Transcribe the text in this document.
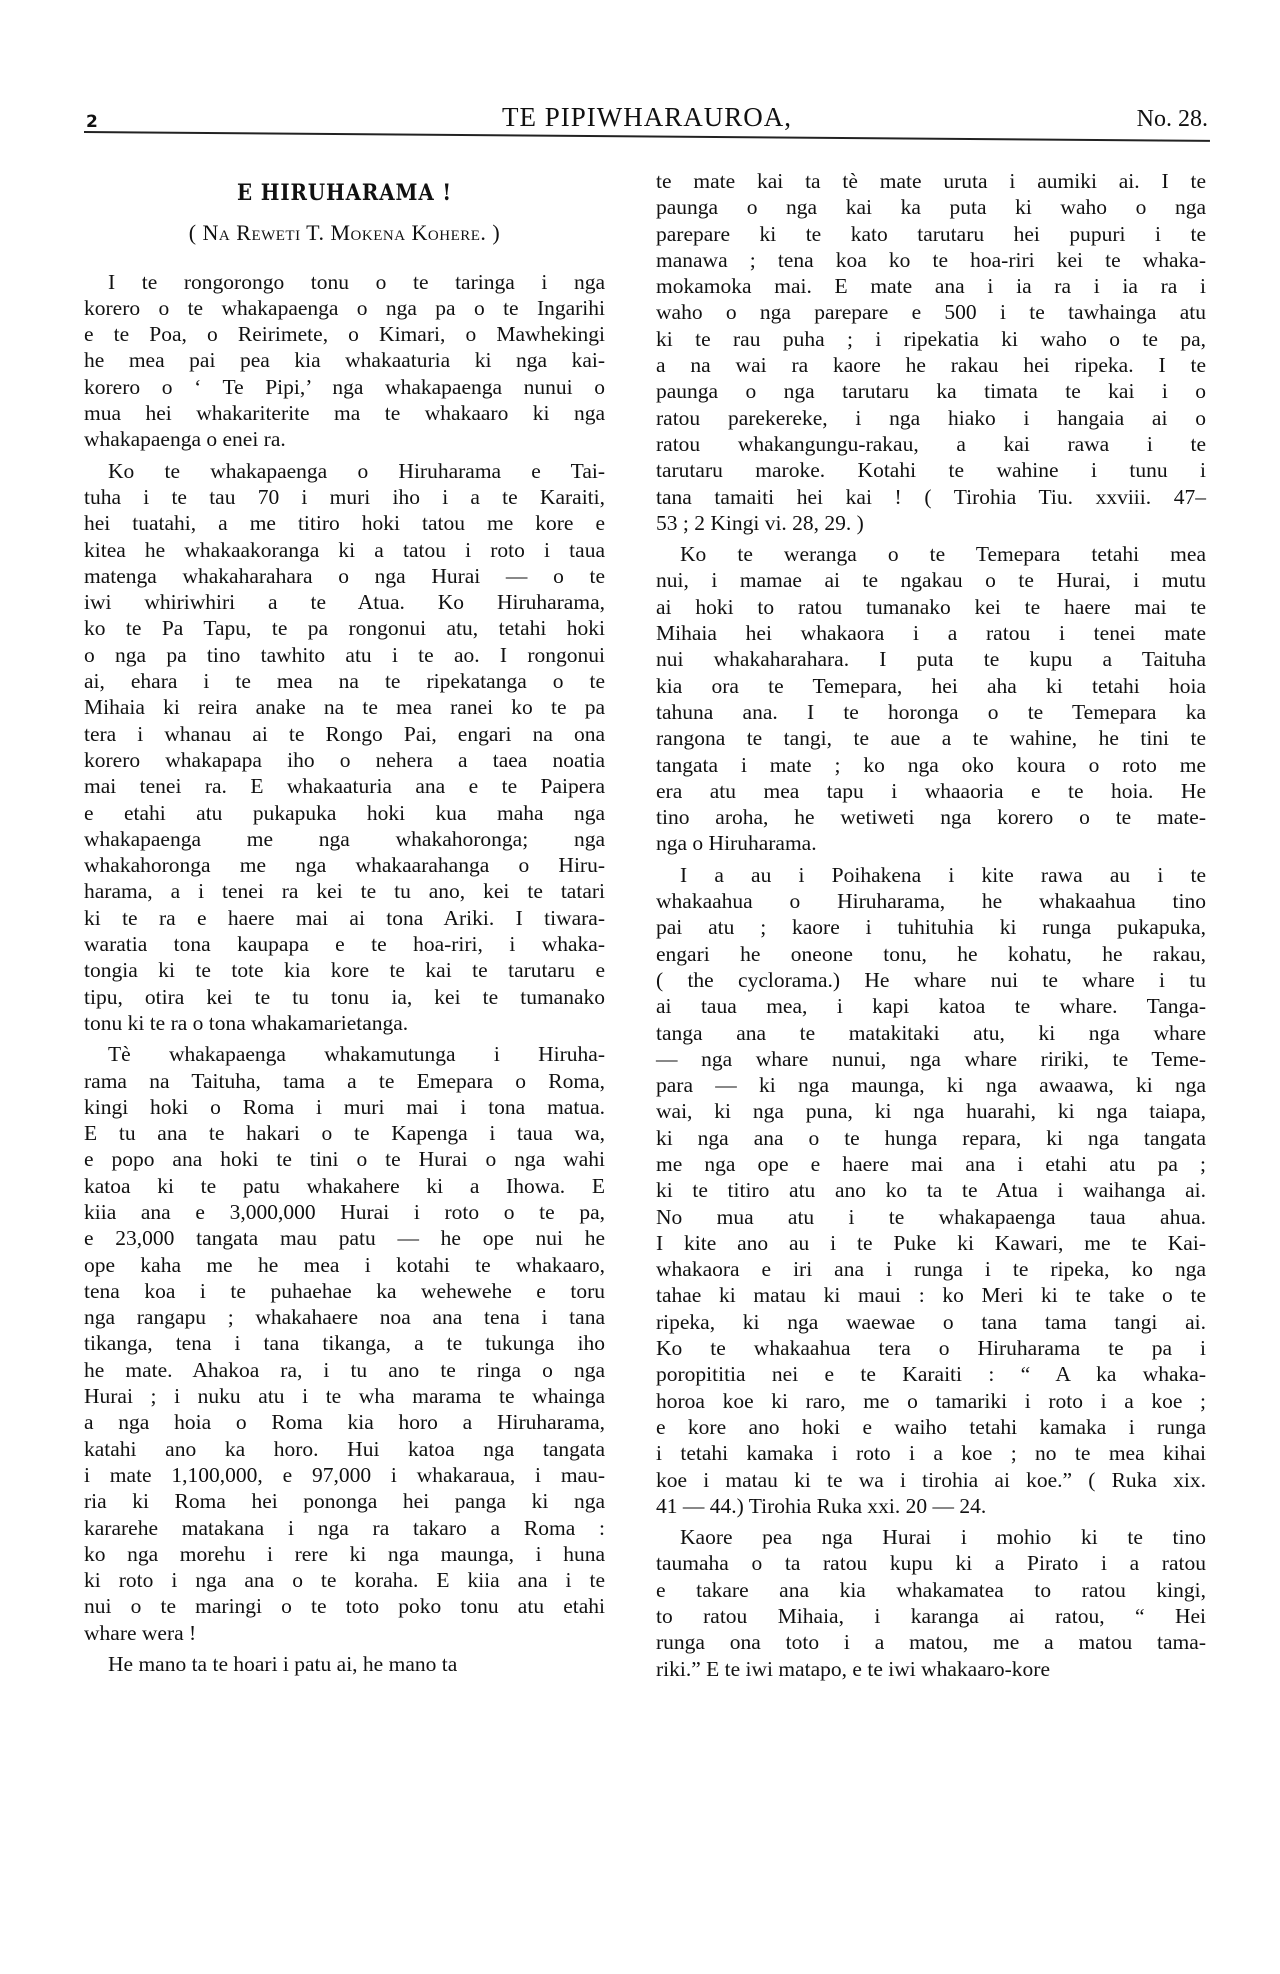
2	TE PIPIWHARAUROA,	No. 28.
E HIRUHARAMA !
( Na Reweti T. Mokena Kohere. )
I te rongorongo tonu o te taringa i nga
korero o te whakapaenga o nga pa o te Ingarihi
e te Poa, o Reirimete, o Kimari, o Mawhekingi
he mea pai pea kia whakaaturia ki nga kai-
korero o ‘ Te Pipi,’ nga whakapaenga nunui o
mua hei whakariterite ma te whakaaro ki nga
whakapaenga o enei ra.
Ko te whakapaenga o Hiruharama e Tai-
tuha i te tau 70 i muri iho i a te Karaiti,
hei tuatahi, a me titiro hoki tatou me kore e
kitea he whakaakoranga ki a tatou i roto i taua
matenga whakaharahara o nga Hurai — o te
iwi whiriwhiri a te Atua. Ko Hiruharama,
ko te Pa Tapu, te pa rongonui atu, tetahi hoki
o nga pa tino tawhito atu i te ao. I rongonui
ai, ehara i te mea na te ripekatanga o te
Mihaia ki reira anake na te mea ranei ko te pa
tera i whanau ai te Rongo Pai, engari na ona
korero whakapapa iho o nehera a taea noatia
mai tenei ra. E whakaaturia ana e te Paipera
e etahi atu pukapuka hoki kua maha nga
whakapaenga me nga whakahoronga; nga
whakahoronga me nga whakaarahanga o Hiru-
harama, a i tenei ra kei te tu ano, kei te tatari
ki te ra e haere mai ai tona Ariki. I tiwara-
waratia tona kaupapa e te hoa-riri, i whaka-
tongia ki te tote kia kore te kai te tarutaru e
tipu, otira kei te tu tonu ia, kei te tumanako
tonu ki te ra o tona whakamarietanga.
Tè whakapaenga whakamutunga i Hiruha-
rama na Taituha, tama a te Emepara o Roma,
kingi hoki o Roma i muri mai i tona matua.
E tu ana te hakari o te Kapenga i taua wa,
e popo ana hoki te tini o te Hurai o nga wahi
katoa ki te patu whakahere ki a Ihowa. E
kiia ana e 3,000,000 Hurai i roto o te pa,
e 23,000 tangata mau patu — he ope nui he
ope kaha me he mea i kotahi te whakaaro,
tena koa i te puhaehae ka wehewehe e toru
nga rangapu ; whakahaere noa ana tena i tana
tikanga, tena i tana tikanga, a te tukunga iho
he mate. Ahakoa ra, i tu ano te ringa o nga
Hurai ; i nuku atu i te wha marama te whainga
a nga hoia o Roma kia horo a Hiruharama,
katahi ano ka horo. Hui katoa nga tangata
i mate 1,100,000, e 97,000 i whakaraua, i mau-
ria ki Roma hei pononga hei panga ki nga
kararehe matakana i nga ra takaro a Roma :
ko nga morehu i rere ki nga maunga, i huna
ki roto i nga ana o te koraha. E kiia ana i te
nui o te maringi o te toto poko tonu atu etahi
whare wera !
He mano ta te hoari i patu ai, he mano ta
te mate kai ta tè mate uruta i aumiki ai. I te
paunga o nga kai ka puta ki waho o nga
parepare ki te kato tarutaru hei pupuri i te
manawa ; tena koa ko te hoa-riri kei te whaka-
mokamoka mai. E mate ana i ia ra i ia ra i
waho o nga parepare e 500 i te tawhainga atu
ki te rau puha ; i ripekatia ki waho o te pa,
a na wai ra kaore he rakau hei ripeka. I te
paunga o nga tarutaru ka timata te kai i o
ratou parekereke, i nga hiako i hangaia ai o
ratou whakangungu-rakau, a kai rawa i te
tarutaru maroke. Kotahi te wahine i tunu i
tana tamaiti hei kai ! ( Tirohia Tiu. xxviii. 47–
53 ; 2 Kingi vi. 28, 29. )
Ko te weranga o te Temepara tetahi mea
nui, i mamae ai te ngakau o te Hurai, i mutu
ai hoki to ratou tumanako kei te haere mai te
Mihaia hei whakaora i a ratou i tenei mate
nui whakaharahara. I puta te kupu a Taituha
kia ora te Temepara, hei aha ki tetahi hoia
tahuna ana. I te horonga o te Temepara ka
rangona te tangi, te aue a te wahine, he tini te
tangata i mate ; ko nga oko koura o roto me
era atu mea tapu i whaaoria e te hoia. He
tino aroha, he wetiweti nga korero o te mate-
nga o Hiruharama.
I a au i Poihakena i kite rawa au i te
whakaahua o Hiruharama, he whakaahua tino
pai atu ; kaore i tuhituhia ki runga pukapuka,
engari he oneone tonu, he kohatu, he rakau,
( the cyclorama.) He whare nui te whare i tu
ai taua mea, i kapi katoa te whare. Tanga-
tanga ana te matakitaki atu, ki nga whare
— nga whare nunui, nga whare ririki, te Teme-
para — ki nga maunga, ki nga awaawa, ki nga
wai, ki nga puna, ki nga huarahi, ki nga taiapa,
ki nga ana o te hunga repara, ki nga tangata
me nga ope e haere mai ana i etahi atu pa ;
ki te titiro atu ano ko ta te Atua i waihanga ai.
No mua atu i te whakapaenga taua ahua.
I kite ano au i te Puke ki Kawari, me te Kai-
whakaora e iri ana i runga i te ripeka, ko nga
tahae ki matau ki maui : ko Meri ki te take o te
ripeka, ki nga waewae o tana tama tangi ai.
Ko te whakaahua tera o Hiruharama te pa i
poropititia nei e te Karaiti : “ A ka whaka-
horoa koe ki raro, me o tamariki i roto i a koe ;
e kore ano hoki e waiho tetahi kamaka i runga
i tetahi kamaka i roto i a koe ; no te mea kihai
koe i matau ki te wa i tirohia ai koe.” ( Ruka xix.
41 — 44.) Tirohia Ruka xxi. 20 — 24.
Kaore pea nga Hurai i mohio ki te tino
taumaha o ta ratou kupu ki a Pirato i a ratou
e takare ana kia whakamatea to ratou kingi,
to ratou Mihaia, i karanga ai ratou, “ Hei
runga ona toto i a matou, me a matou tama-
riki.” E te iwi matapo, e te iwi whakaaro-kore
